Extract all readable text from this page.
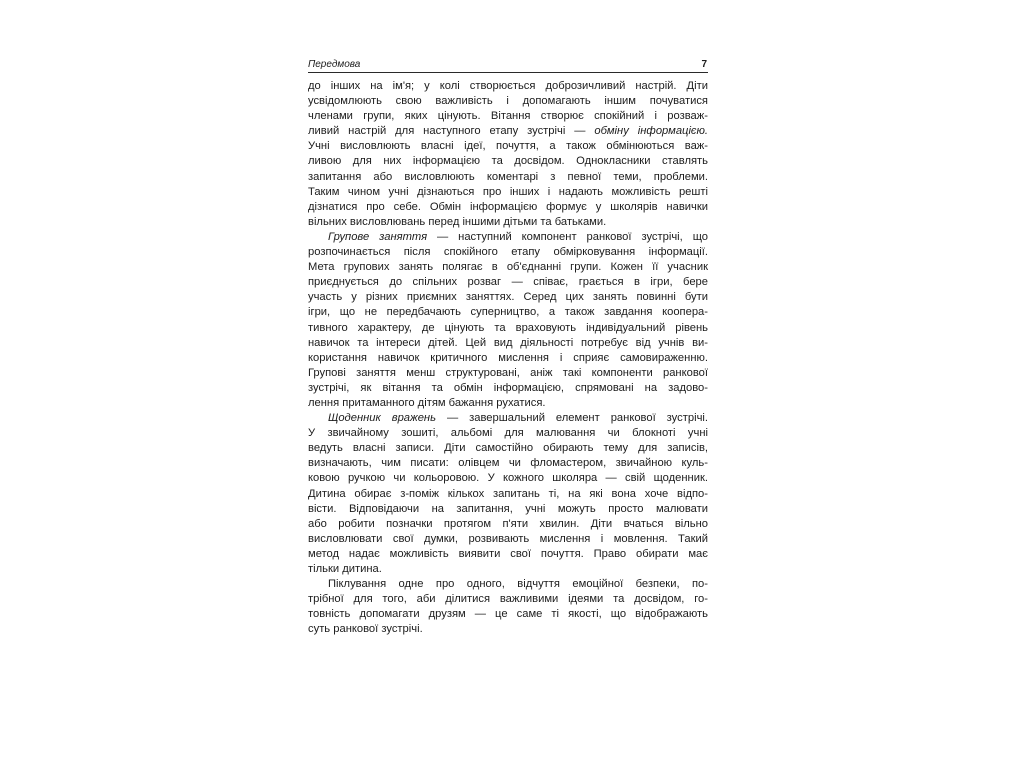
Передмова	7
до інших на ім'я; у колі створюється доброзичливий настрій. Діти
усвідомлюють свою важливість і допомагають іншим почуватися
членами групи, яких цінують. Вітання створює спокійний і розваж-
ливий настрій для наступного етапу зустрічі — обміну інформацією.
Учні висловлюють власні ідеї, почуття, а також обмінюються важ-
ливою для них інформацією та досвідом. Однокласники ставлять
запитання або висловлюють коментарі з певної теми, проблеми.
Таким чином учні дізнаються про інших і надають можливість решті
дізнатися про себе. Обмін інформацією формує у школярів навички
вільних висловлювань перед іншими дітьми та батьками.
Групове заняття — наступний компонент ранкової зустрічі, що
розпочинається після спокійного етапу обмірковування інформації.
Мета групових занять полягає в об'єднанні групи. Кожен її учасник
приєднується до спільних розваг — співає, грається в ігри, бере
участь у різних приємних заняттях. Серед цих занять повинні бути
ігри, що не передбачають суперництво, а також завдання коопера-
тивного характеру, де цінують та враховують індивідуальний рівень
навичок та інтереси дітей. Цей вид діяльності потребує від учнів ви-
користання навичок критичного мислення і сприяє самовираженню.
Групові заняття менш структуровані, аніж такі компоненти ранкової
зустрічі, як вітання та обмін інформацією, спрямовані на задово-
лення притаманного дітям бажання рухатися.
Щоденник вражень — завершальний елемент ранкової зустрічі.
У звичайному зошиті, альбомі для малювання чи блокноті учні
ведуть власні записи. Діти самостійно обирають тему для записів,
визначають, чим писати: олівцем чи фломастером, звичайною куль-
ковою ручкою чи кольоровою. У кожного школяра — свій щоденник.
Дитина обирає з-поміж кількох запитань ті, на які вона хоче відпо-
вісти. Відповідаючи на запитання, учні можуть просто малювати
або робити позначки протягом п'яти хвилин. Діти вчаться вільно
висловлювати свої думки, розвивають мислення і мовлення. Такий
метод надає можливість виявити свої почуття. Право обирати має
тільки дитина.
Піклування одне про одного, відчуття емоційної безпеки, по-
трібної для того, аби ділитися важливими ідеями та досвідом, го-
товність допомагати друзям — це саме ті якості, що відображають
суть ранкової зустрічі.
